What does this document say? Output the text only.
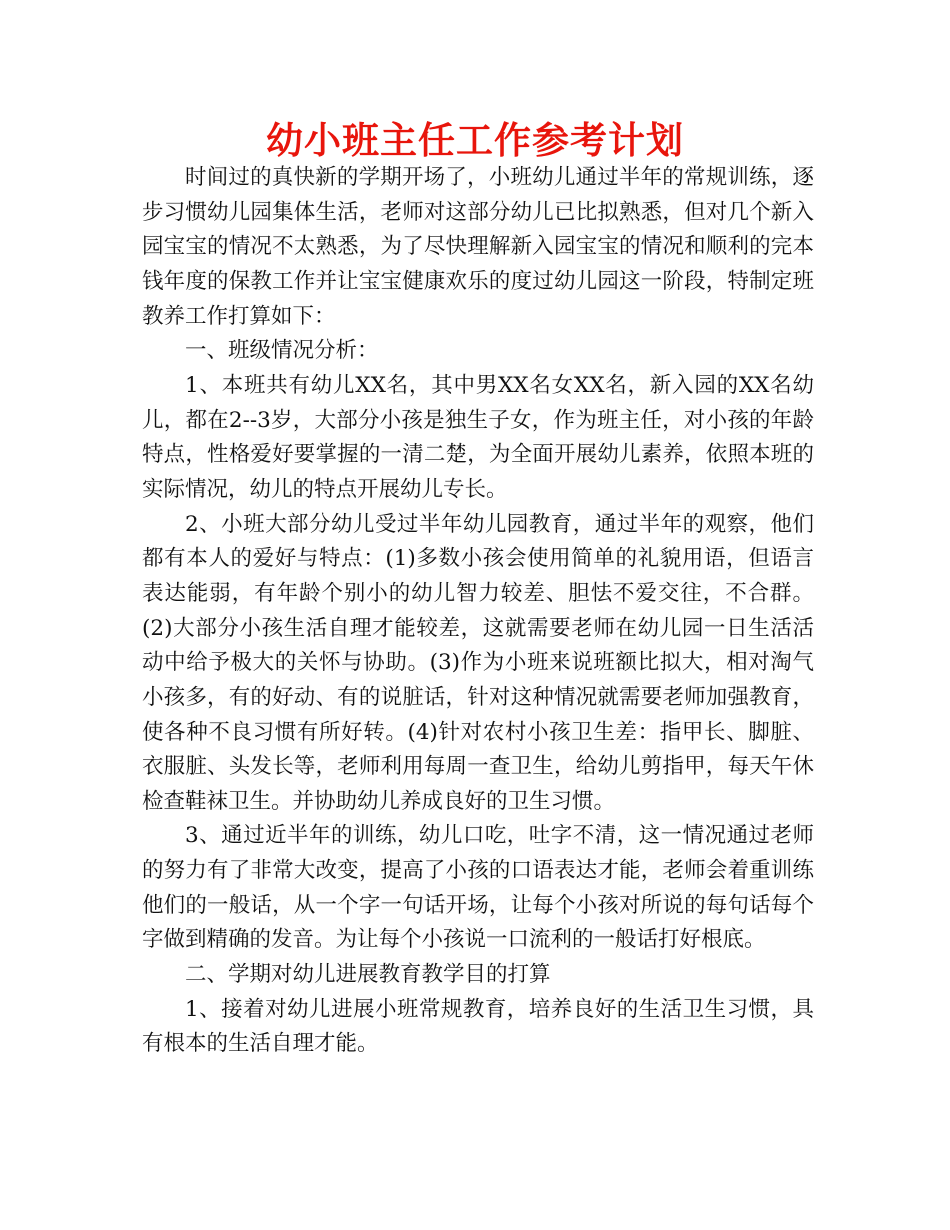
幼小班主任工作参考计划

时间过的真快新的学期开场了，小班幼儿通过半年的常规训练，逐步习惯幼儿园集体生活，老师对这部分幼儿已比拟熟悉，但对几个新入园宝宝的情况不太熟悉，为了尽快理解新入园宝宝的情况和顺利的完本钱年度的保教工作并让宝宝健康欢乐的度过幼儿园这一阶段，特制定班教养工作打算如下：

一、班级情况分析：

1、本班共有幼儿XX名，其中男XX名女XX名，新入园的XX名幼儿，都在2--3岁，大部分小孩是独生子女，作为班主任，对小孩的年龄特点，性格爱好要掌握的一清二楚，为全面开展幼儿素养，依照本班的实际情况，幼儿的特点开展幼儿专长。

2、小班大部分幼儿受过半年幼儿园教育，通过半年的观察，他们都有本人的爱好与特点：(1)多数小孩会使用简单的礼貌用语，但语言表达能弱，有年龄个别小的幼儿智力较差、胆怯不爱交往，不合群。(2)大部分小孩生活自理才能较差，这就需要老师在幼儿园一日生活活动中给予极大的关怀与协助。(3)作为小班来说班额比拟大，相对淘气小孩多，有的好动、有的说脏话，针对这种情况就需要老师加强教育，使各种不良习惯有所好转。(4)针对农村小孩卫生差：指甲长、脚脏、衣服脏、头发长等，老师利用每周一查卫生，给幼儿剪指甲，每天午休检查鞋袜卫生。并协助幼儿养成良好的卫生习惯。

3、通过近半年的训练，幼儿口吃，吐字不清，这一情况通过老师的努力有了非常大改变，提高了小孩的口语表达才能，老师会着重训练他们的一般话，从一个字一句话开场，让每个小孩对所说的每句话每个字做到精确的发音。为让每个小孩说一口流利的一般话打好根底。

二、学期对幼儿进展教育教学目的打算

1、接着对幼儿进展小班常规教育，培养良好的生活卫生习惯，具有根本的生活自理才能。
